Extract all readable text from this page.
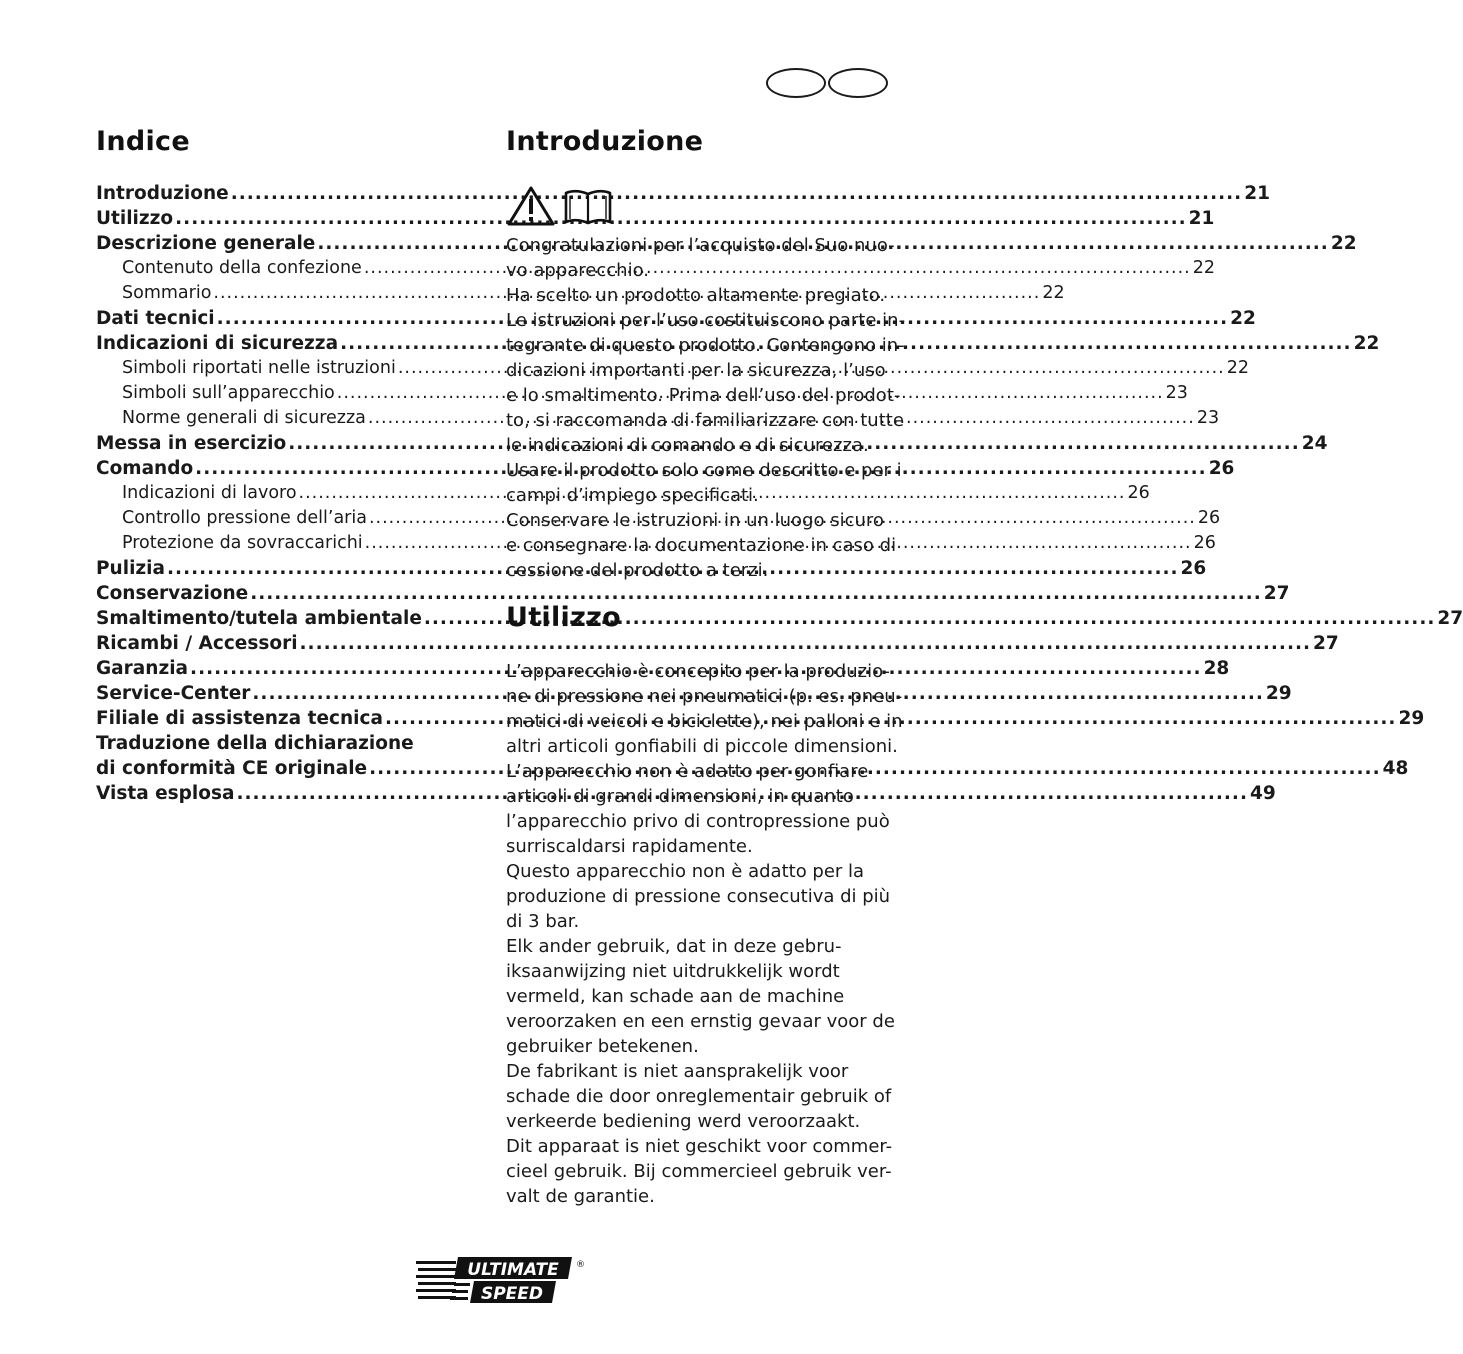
Indice
Introduzione .....	21
Utilizzo .....	21
Descrizione generale .....	22
Contenuto della confezione .....	22
Sommario .....	22
Dati tecnici .....	22
Indicazioni di sicurezza .....	22
Simboli riportati nelle istruzioni .....	22
Simboli sull’apparecchio .....	23
Norme generali di sicurezza .....	23
Messa in esercizio .....	24
Comando .....	26
Indicazioni di lavoro .....	26
Controllo pressione dell’aria .....	26
Protezione da sovraccarichi .....	26
Pulizia .....	26
Conservazione .....	27
Smaltimento/tutela ambientale .....	27
Ricambi / Accessori .....	27
Garanzia .....	28
Service-Center .....	29
Filiale di assistenza tecnica .....	29
Traduzione della dichiarazione
di conformità CE originale .....	48
Vista esplosa .....	49
Introduzione

Congratulazioni per l’acquisto del Suo nuo-
vo apparecchio.
Ha scelto un prodotto altamente pregiato.
Le istruzioni per l’uso costituiscono parte in-
tegrante di questo prodotto. Contengono in-
dicazioni importanti per la sicurezza, l’uso
e lo smaltimento. Prima dell’uso del prodot-
to, si raccomanda di familiarizzare con tutte
le indicazioni di comando e di sicurezza.
Usare il prodotto solo come descritto e per i
campi d’impiego specificati.
Conservare le istruzioni in un luogo sicuro
e consegnare la documentazione in caso di
cessione del prodotto a terzi.

Utilizzo

L’apparecchio è concepito per la produzio-
ne di pressione nei pneumatici (p. es. pneu-
matici di veicoli e biciclette), nei palloni e in
altri articoli gonfiabili di piccole dimensioni.
L’apparecchio non è adatto per gonfiare
articoli di grandi dimensioni, in quanto
l’apparecchio privo di contropressione può
surriscaldarsi rapidamente.
Questo apparecchio non è adatto per la
produzione di pressione consecutiva di più
di 3 bar.
Elk ander gebruik, dat in deze gebru-
iksaanwijzing niet uitdrukkelijk wordt
vermeld, kan schade aan de machine
veroorzaken en een ernstig gevaar voor de
gebruiker betekenen.
De fabrikant is niet aansprakelijk voor
schade die door onreglementair gebruik of
verkeerde bediening werd veroorzaakt.
Dit apparaat is niet geschikt voor commer-
cieel gebruik. Bij commercieel gebruik ver-
valt de garantie.

ULTIMATE
SPEED
®
